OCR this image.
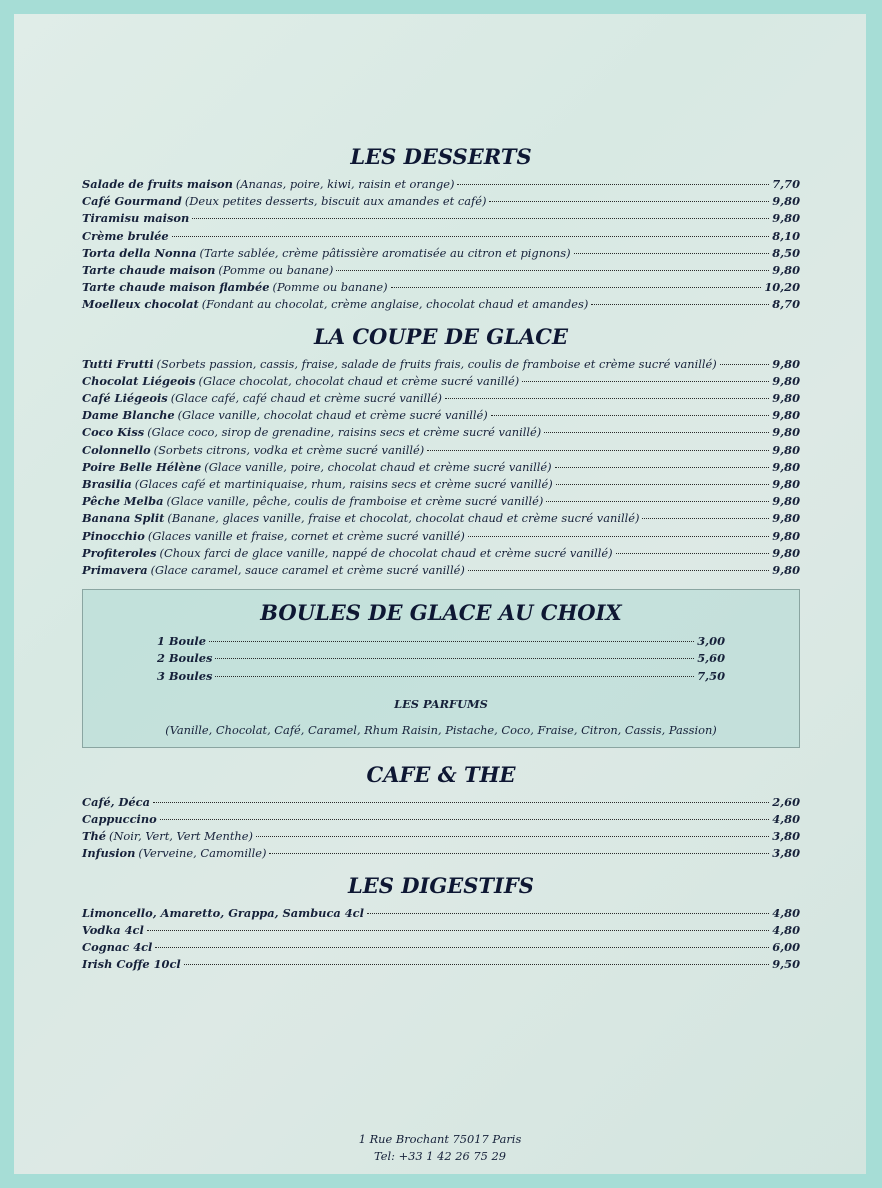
LES DESSERTS
Salade de fruits maison (Ananas, poire, kiwi, raisin et orange)	7,70
Café Gourmand (Deux petites desserts, biscuit aux amandes et café)	9,80
Tiramisu maison	9,80
Crème brulée	8,10
Torta della Nonna (Tarte sablée, crème pâtissière aromatisée au citron et pignons)	8,50
Tarte chaude maison (Pomme ou banane)	9,80
Tarte chaude maison flambée (Pomme ou banane)	10,20
Moelleux chocolat (Fondant au chocolat, crème anglaise, chocolat chaud et amandes)	8,70
LA COUPE DE GLACE
Tutti Frutti (Sorbets passion, cassis, fraise, salade de fruits frais, coulis de framboise et crème sucré vanillé)	9,80
Chocolat Liégeois (Glace chocolat, chocolat chaud et crème sucré vanillé)	9,80
Café Liégeois (Glace café, café chaud et crème sucré vanillé)	9,80
Dame Blanche (Glace vanille, chocolat chaud et crème sucré vanillé)	9,80
Coco Kiss (Glace coco, sirop de grenadine, raisins secs et crème sucré vanillé)	9,80
Colonnello (Sorbets citrons, vodka et crème sucré vanillé)	9,80
Poire Belle Hélène (Glace vanille, poire, chocolat chaud et crème sucré vanillé)	9,80
Brasilia (Glaces café et martiniquaise, rhum, raisins secs et crème sucré vanillé)	9,80
Pêche Melba (Glace vanille, pêche, coulis de framboise et crème sucré vanillé)	9,80
Banana Split (Banane, glaces vanille, fraise et chocolat, chocolat chaud et crème sucré vanillé)	9,80
Pinocchio (Glaces vanille et fraise, cornet et crème sucré vanillé)	9,80
Profiteroles (Choux farci de glace vanille, nappé de chocolat chaud et crème sucré vanillé)	9,80
Primavera (Glace caramel, sauce caramel et crème sucré vanillé)	9,80
BOULES DE GLACE AU CHOIX
1 Boule	3,00
2 Boules	5,60
3 Boules	7,50
LES PARFUMS
(Vanille, Chocolat, Café, Caramel, Rhum Raisin, Pistache, Coco, Fraise, Citron, Cassis, Passion)
CAFE & THE
Café, Déca	2,60
Cappuccino	4,80
Thé (Noir, Vert, Vert Menthe)	3,80
Infusion (Verveine, Camomille)	3,80
LES DIGESTIFS
Limoncello, Amaretto, Grappa, Sambuca 4cl	4,80
Vodka 4cl	4,80
Cognac 4cl	6,00
Irish Coffe 10cl	9,50
1 Rue Brochant 75017 Paris
Tel: +33 1 42 26 75 29
